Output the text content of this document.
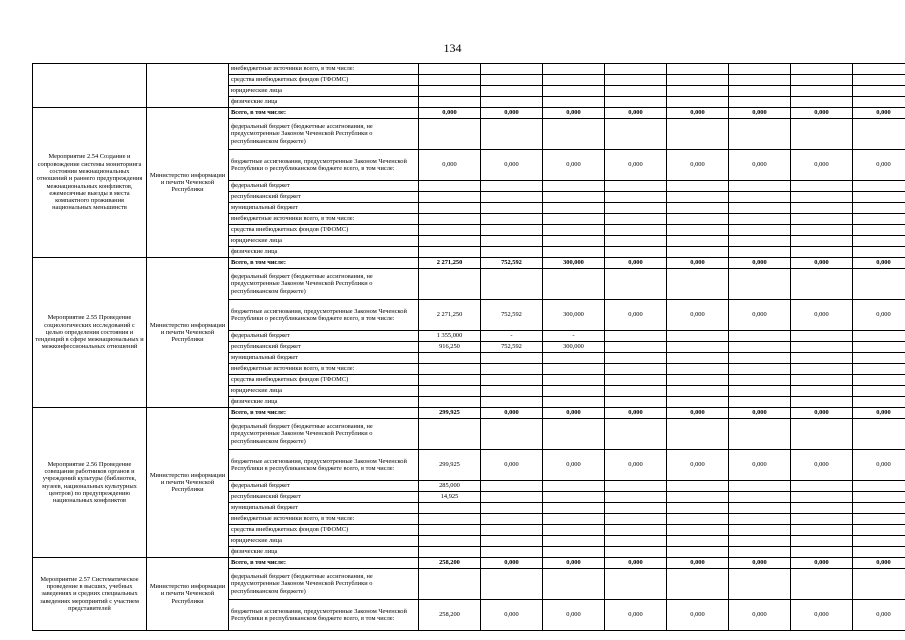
134
		внебюджетные источники всего, в том числе:								
		средства внебюджетных фондов (ТФОМС)								
		юридические лица								
		физические лица								
Мероприятие 2.54 Создание и сопровождение системы мониторинга состояния межнациональных отношений и раннего предупреждения межнациональных конфликтов, ежемесячные выезды в места компактного проживания национальных меньшинств	Министерство информации и печати Чеченской Республики	Всего, в том числе:	0,000	0,000	0,000	0,000	0,000	0,000	0,000	0,000
		федеральный бюджет (бюджетные ассигнования, не предусмотренные Законом Чеченской Республики о республиканском бюджете)								
		бюджетные ассигнования, предусмотренные Законом Чеченской Республики о республиканском бюджете всего, в том числе:	0,000	0,000	0,000	0,000	0,000	0,000	0,000	0,000
		федеральный бюджет								
		республиканский бюджет								
		муниципальный бюджет								
		внебюджетные источники всего, в том числе:								
		средства внебюджетных фондов (ТФОМС)								
		юридические лица								
		физические лица								
Мероприятие 2.55 Проведение социологических исследований с целью определения состояния и тенденций в сфере межнациональных и межконфессиональных отношений	Министерство информации и печати Чеченской Республики	Всего, в том числе:	2 271,250	752,592	300,000	0,000	0,000	0,000	0,000	0,000
		федеральный бюджет (бюджетные ассигнования, не предусмотренные Законом Чеченской Республики о республиканском бюджете)								
		бюджетные ассигнования, предусмотренные Законом Чеченской Республики о республиканском бюджете всего, в том числе:	2 271,250	752,592	300,000	0,000	0,000	0,000	0,000	0,000
		федеральный бюджет	1 355,000	-	-					
		республиканский бюджет	916,250	752,592	300,000					
		муниципальный бюджет								
		внебюджетные источники всего, в том числе:								
		средства внебюджетных фондов (ТФОМС)								
		юридические лица								
		физические лица								
Мероприятие 2.56 Проведение совещания работников органов и учреждений культуры (библиотек, музеев, национальных культурных центров) по предупреждению национальных конфликтов	Министерство информации и печати Чеченской Республики	Всего, в том числе:	299,925	0,000	0,000	0,000	0,000	0,000	0,000	0,000
		федеральный бюджет (бюджетные ассигнования, не предусмотренные Законом Чеченской Республики о республиканском бюджете)								
		бюджетные ассигнования, предусмотренные Законом Чеченской Республики в республиканском бюджете всего, в том числе:	299,925	0,000	0,000	0,000	0,000	0,000	0,000	0,000
		федеральный бюджет	285,000							
		республиканский бюджет	14,925							
		муниципальный бюджет								
		внебюджетные источники всего, в том числе:								
		средства внебюджетных фондов (ТФОМС)								
		юридические лица								
		физические лица								
Мероприятие 2.57 Систематическое проведение в высших, учебных заведениях и средних специальных заведениях мероприятий с участием представителей	Министерство информации и печати Чеченской Республики	Всего, в том числе:	258,200	0,000	0,000	0,000	0,000	0,000	0,000	0,000
		федеральный бюджет (бюджетные ассигнования, не предусмотренные Законом Чеченской Республики о республиканском бюджете)								
		бюджетные ассигнования, предусмотренные Законом Чеченской Республики в республиканском бюджете всего, в том числе:	258,200	0,000	0,000	0,000	0,000	0,000	0,000	0,000
